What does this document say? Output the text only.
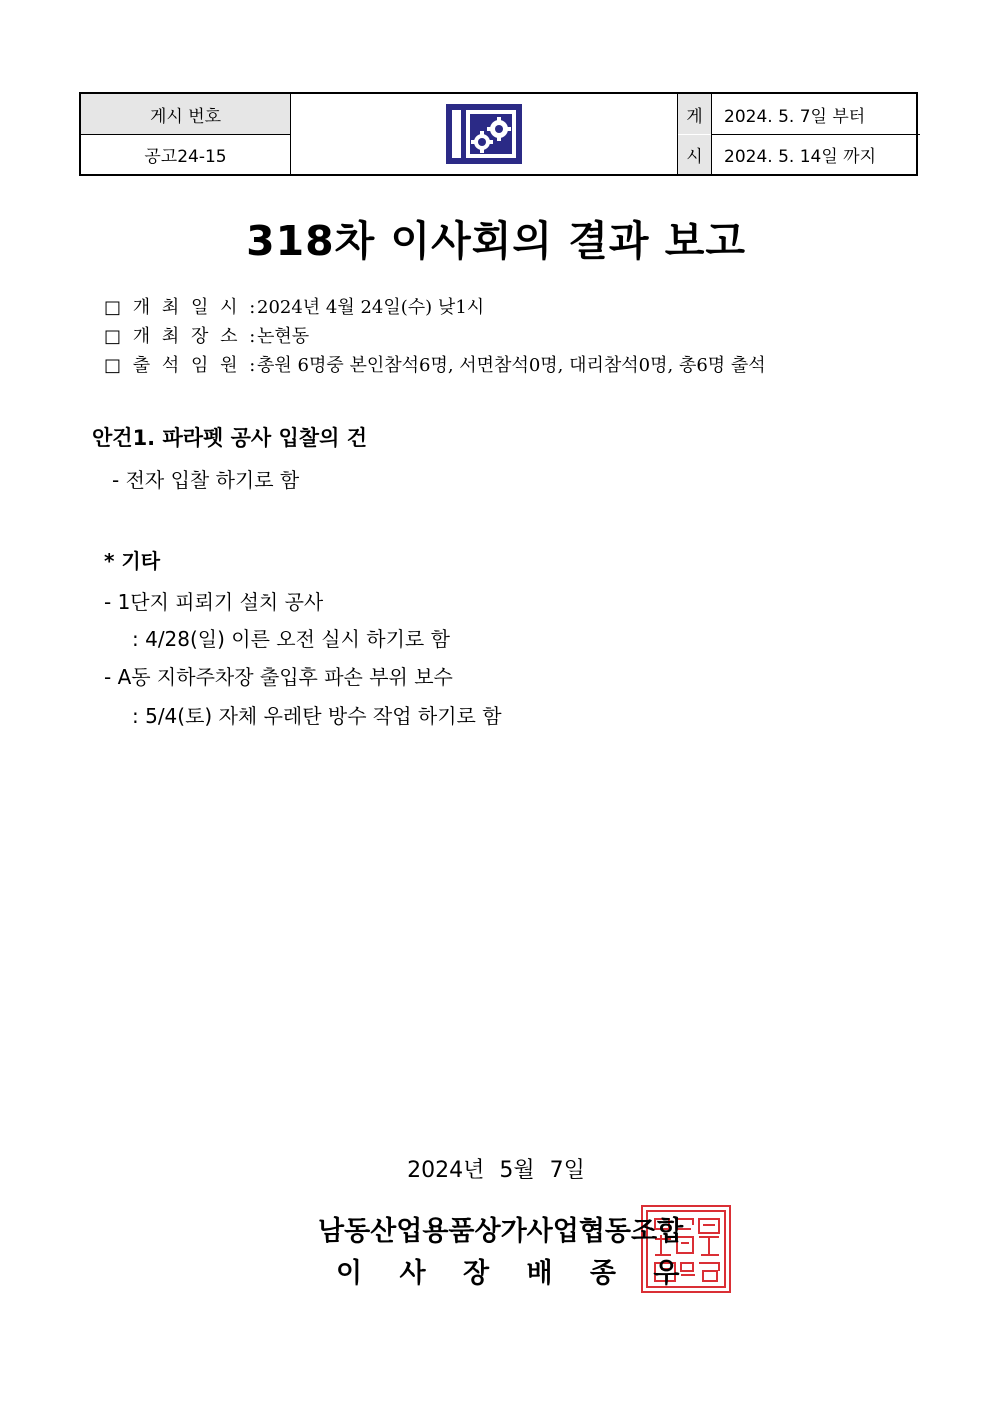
게시 번호
공고24-15
게
시
2024. 5. 7일 부터
2024. 5. 14일 까지
318차 이사회의 결과 보고
□ 개 최 일 시 :2024년 4월 24일(수) 낮1시
□ 개 최 장 소 :논현동
□ 출 석 임 원 :총원 6명중 본인참석6명, 서면참석0명, 대리참석0명, 총6명 출석
안건1. 파라펫 공사 입찰의 건
- 전자 입찰 하기로 함
* 기타
- 1단지 피뢰기 설치 공사
: 4/28(일) 이른 오전 실시 하기로 함
- A동 지하주차장 출입후 파손 부위 보수
: 5/4(토) 자체 우레탄 방수 작업 하기로 함
2024년 5월 7일
남동산업용품상가사업협동조합
이 사 장 배 종 우
